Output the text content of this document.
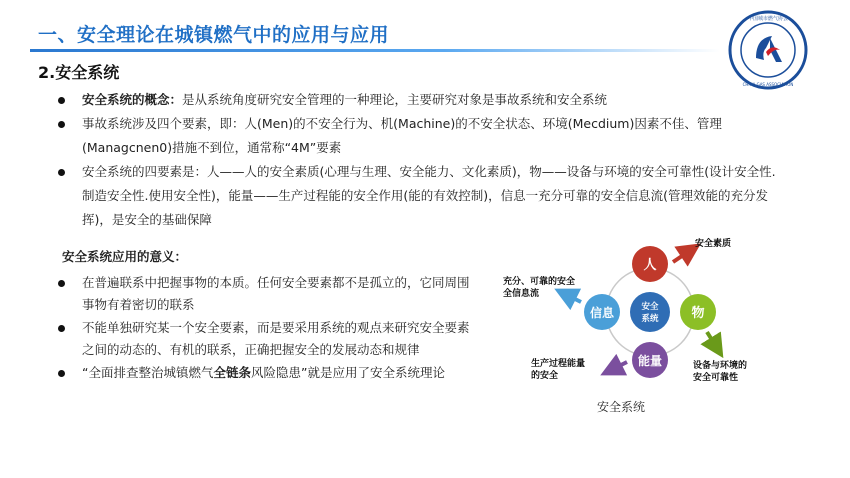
一、安全理论在城镇燃气中的应用与应用
中国城市燃气协会
CHINA GAS ASSOCIATION
2.安全系统
安全系统的概念：是从系统角度研究安全管理的一种理论，主要研究对象是事故系统和安全系统
事故系统涉及四个要素，即：人(Men)的不安全行为、机(Machine)的不安全状态、环境(Mecdium)因素不佳、管理(Managcnen0)措施不到位，通常称“4M”要素
安全系统的四要素是：人——人的安全素质(心理与生理、安全能力、文化素质)，物——设备与环境的安全可靠性(设计安全性.制造安全性.使用安全性)，能量——生产过程能的安全作用(能的有效控制)，信息一充分可靠的安全信息流(管理效能的充分发挥)，是安全的基础保障
安全系统应用的意义：
在普遍联系中把握事物的本质。任何安全要素都不是孤立的，它同周围事物有着密切的联系
不能单独研究某一个安全要素，而是要采用系统的观点来研究安全要素之间的动态的、有机的联系，正确把握安全的发展动态和规律
“全面排查整治城镇燃气全链条风险隐患”就是应用了安全系统理论
人
物
能量
信息	安全
系统
安全素质
充分、可靠的安全
全信息流
设备与环境的
安全可靠性
生产过程能量
的安全
安全系统
